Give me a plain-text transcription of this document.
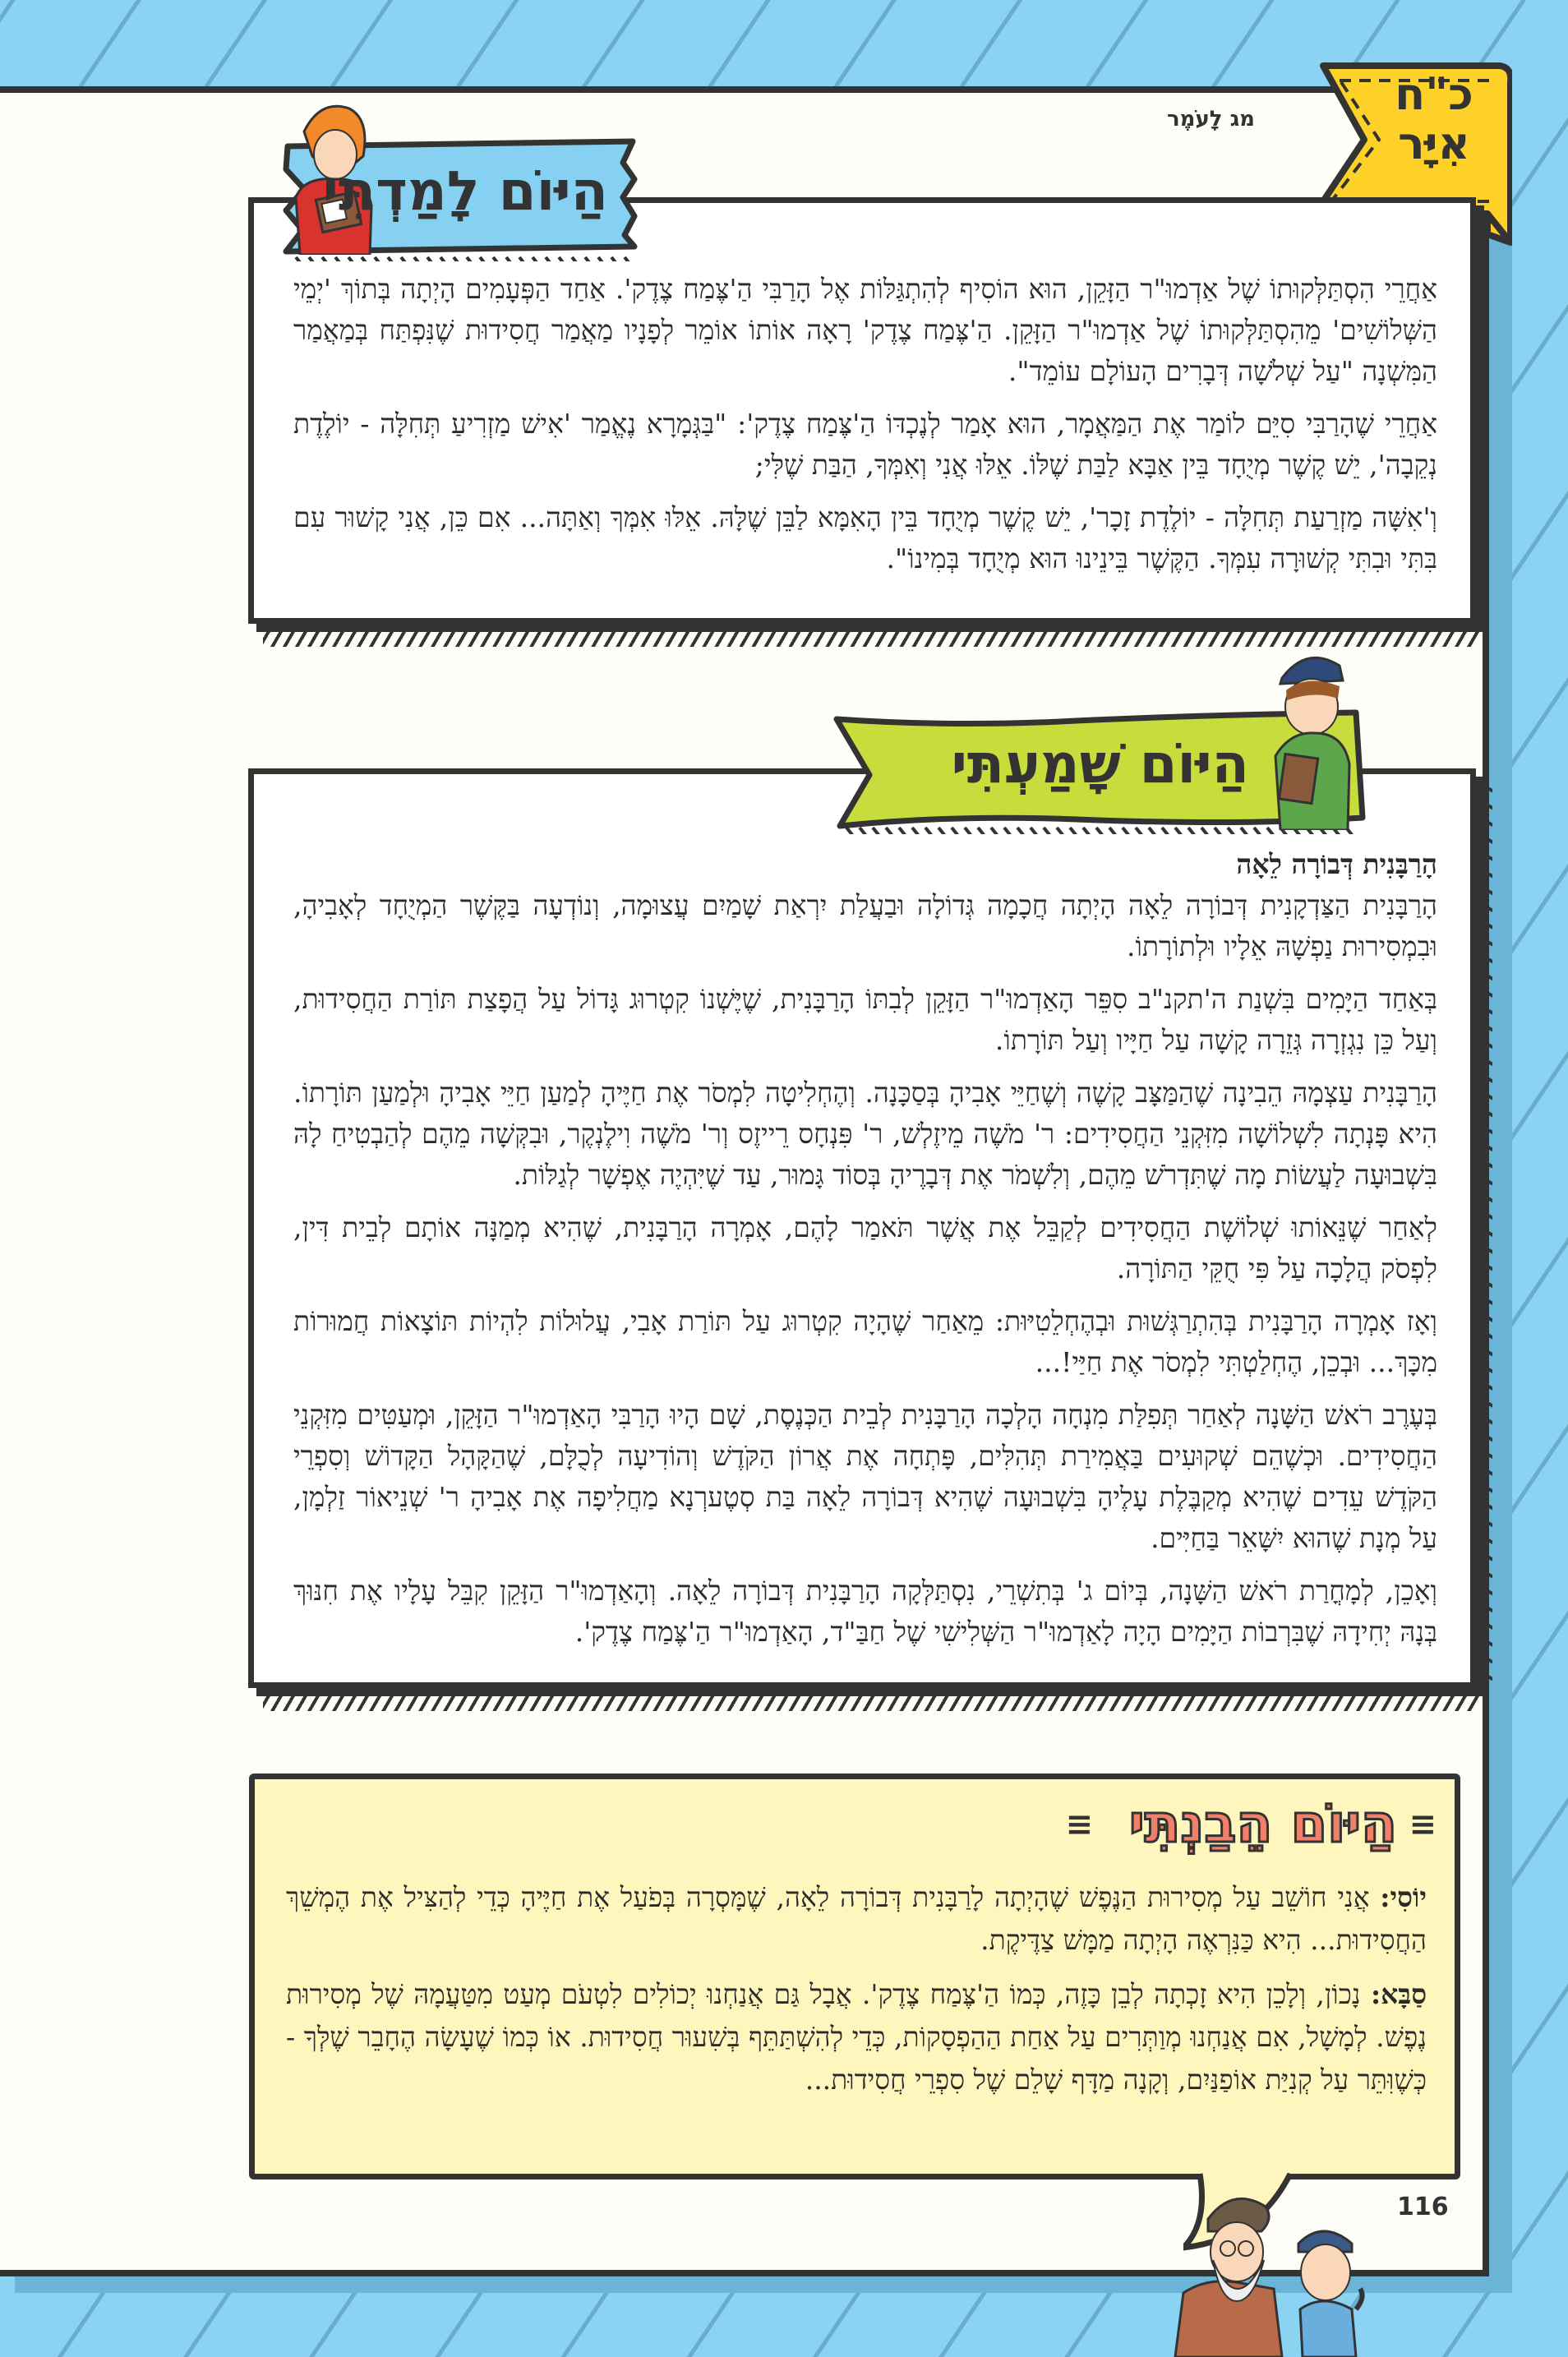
כ"ח
אִיָּר
מג לָעֹמֶר

אַחֲרֵי הִסְתַּלְּקוּתוֹ שֶׁל אַדְמוּ"ר הַזָּקֵן, הוּא הוֹסִיף לְהִתְגַּלּוֹת אֶל הָרַבִּי הַ'צֶּמַח צֶדֶק'. אַחַד הַפְּעָמִים הָיְתָה בְּתוֹךְ 'יְמֵי הַשְּׁלוֹשִׁים' מֵהִסְתַּלְּקוּתוֹ שֶׁל אַדְמוּ"ר הַזָּקֵן. הַ'צֶּמַח צֶדֶק' רָאָה אוֹתוֹ אוֹמֵר לְפָנָיו מַאֲמַר חֲסִידוּת שֶׁנִּפְתַּח בְּמַאֲמַר הַמִּשְׁנָה "עַל שְׁלֹשָׁה דְּבָרִים הָעוֹלָם עוֹמֵד".

אַחֲרֵי שֶׁהָרַבִּי סִיֵּם לוֹמַר אֶת הַמַּאֲמָר, הוּא אָמַר לְנֶכְדּוֹ הַ'צֶּמַח צֶדֶק': "בַּגְּמָרָא נֶאֱמַר 'אִישׁ מַזְרִיעַ תְּחִלָּה - יוֹלֶדֶת נְקֵבָה', יֵשׁ קֶשֶׁר מְיֻחָד בֵּין אַבָּא לַבַּת שֶׁלּוֹ. אֵלּוּ אֲנִי וְאִמְּךָ, הַבַּת שֶׁלִּי;

וְ'אִשָּׁה מַזְרַעַת תְּחִלָּה - יוֹלֶדֶת זָכָר', יֵשׁ קֶשֶׁר מְיֻחָד בֵּין הָאִמָּא לַבֵּן שֶׁלָּהּ. אֵלּוּ אִמְּךָ וְאַתָּה... אִם כֵּן, אֲנִי קָשׁוּר עִם בִּתִּי וּבִתִּי קְשׁוּרָה עִמְּךָ. הַקֶּשֶׁר בֵּינֵינוּ הוּא מְיֻחָד בְּמִינוֹ".

הַיּוֹם לָמַדְתִּי

הָרַבָּנִית דְּבוֹרָה לֵאָה

הָרַבָּנִית הַצַּדְקָנִית דְּבוֹרָה לֵאָה הָיְתָה חֲכָמָה גְּדוֹלָה וּבַעֲלַת יִרְאַת שָׁמַיִם עֲצוּמָה, וְנוֹדְעָה בַּקֶּשֶׁר הַמְיֻחָד לְאָבִיהָ, וּבִמְסִירוּת נַפְשָׁהּ אֵלָיו וּלְתוֹרָתוֹ.

בְּאַחַד הַיָּמִים בִּשְׁנַת ה'תקנ"ב סִפֵּר הָאַדְמוּ"ר הַזָּקֵן לְבִתּוֹ הָרַבָּנִית, שֶׁיֶּשְׁנוֹ קִטְרוּג גָּדוֹל עַל הֲפָצַת תּוֹרַת הַחֲסִידוּת, וְעַל כֵּן נִגְזְרָה גְּזֵרָה קָשָׁה עַל חַיָּיו וְעַל תּוֹרָתוֹ.

הָרַבָּנִית עַצְמָהּ הֵבִינָה שֶׁהַמַּצָּב קָשֶׁה וְשֶׁחַיֵּי אָבִיהָ בְּסַכָּנָה. וְהֶחְלִיטָה לִמְסֹר אֶת חַיֶּיהָ לְמַעַן חַיֵּי אָבִיהָ וּלְמַעַן תּוֹרָתוֹ. הִיא פָּנְתָה לִשְׁלוֹשָׁה מִזִּקְנֵי הַחֲסִידִים: ר' מֹשֶׁה מֵיזֶלְשׁ, ר' פִּנְחָס רֵייזֶס וְר' מֹשֶׁה וִילֶנְקֶר, וּבִקְּשָׁה מֵהֶם לְהַבְטִיחַ לָהּ בִּשְׁבוּעָה לַעֲשׂוֹת מָה שֶׁתִּדְרֹשׁ מֵהֶם, וְלִשְׁמֹר אֶת דְּבָרֶיהָ בְּסוֹד גָּמוּר, עַד שֶׁיִּהְיֶה אֶפְשָׁר לְגַלּוֹת.

לְאַחַר שֶׁנֵּאוֹתוּ שְׁלוֹשֶׁת הַחֲסִידִים לְקַבֵּל אֶת אֲשֶׁר תֹּאמַר לָהֶם, אָמְרָה הָרַבָּנִית, שֶׁהִיא מְמַנָּה אוֹתָם לְבֵית דִּין, לִפְסֹק הֲלָכָה עַל פִּי חֻקֵּי הַתּוֹרָה.

וְאָז אָמְרָה הָרַבָּנִית בְּהִתְרַגְּשׁוּת וּבְהֶחְלֵטִיּוּת: מֵאַחַר שֶׁהָיָה קִטְרוּג עַל תּוֹרַת אָבִי, עֲלוּלוֹת לִהְיוֹת תּוֹצָאוֹת חֲמוּרוֹת מִכָּךְ... וּבְכֵן, הֶחְלַטְתִּי לִמְסֹר אֶת חַיַּי!...

בְּעֶרֶב רֹאשׁ הַשָּׁנָה לְאַחַר תְּפִלַּת מִנְחָה הָלְכָה הָרַבָּנִית לְבֵית הַכְּנֶסֶת, שָׁם הָיוּ הָרַבִּי הָאַדְמוּ"ר הַזָּקֵן, וּמְעַטִּים מִזִּקְנֵי הַחֲסִידִים. וּכְשֶׁהֵם שְׁקוּעִים בַּאֲמִירַת תְּהִלִּים, פָּתְחָה אֶת אֲרוֹן הַקֹּדֶשׁ וְהוֹדִיעָה לְכֻלָּם, שֶׁהַקָּהָל הַקָּדוֹשׁ וְסִפְרֵי הַקֹּדֶשׁ עֵדִים שֶׁהִיא מְקַבֶּלֶת עָלֶיהָ בִּשְׁבוּעָה שֶׁהִיא דְּבוֹרָה לֵאָה בַּת סְטֶערְנָא מַחֲלִיפָה אֶת אָבִיהָ ר' שְׁנֵיאוֹר זַלְמָן, עַל מְנָת שֶׁהוּא יִשָּׁאֵר בַּחַיִּים.

וְאָכֵן, לְמָחֳרַת רֹאשׁ הַשָּׁנָה, בְּיוֹם ג' בְּתִשְׁרֵי, נִסְתַּלְּקָה הָרַבָּנִית דְּבוֹרָה לֵאָה. וְהָאַדְמוּ"ר הַזָּקֵן קִבֵּל עָלָיו אֶת חִנּוּךְ בְּנָהּ יְחִידָהּ שֶׁבִּרְבוֹת הַיָּמִים הָיָה לָאַדְמוּ"ר הַשְּׁלִישִׁי שֶׁל חַבַּ"ד, הָאַדְמוּ"ר הַ'צֶּמַח צֶדֶק'.

הַיּוֹם שָׁמַעְתִּי
הַיּוֹם הֵבַנְתִּי
≡	≡

יוֹסִי: אֲנִי חוֹשֵׁב עַל מְסִירוּת הַנֶּפֶשׁ שֶׁהָיְתָה לָרַבָּנִית דְּבוֹרָה לֵאָה, שֶׁמָּסְרָה בְּפֹעַל אֶת חַיֶּיהָ כְּדֵי לְהַצִּיל אֶת הֶמְשֵׁךְ הַחֲסִידוּת... הִיא כַּנִּרְאֶה הָיְתָה מַמָּשׁ צַדֶּיקֶת.

סַבָּא: נָכוֹן, וְלָכֵן הִיא זָכְתָה לְבֵן כָּזֶה, כְּמוֹ הַ'צֶּמַח צֶדֶק'. אֲבָל גַּם אֲנַחְנוּ יְכוֹלִים לִטְעֹם מְעַט מִטַּעֲמָהּ שֶׁל מְסִירוּת נֶפֶשׁ. לְמָשָׁל, אִם אֲנַחְנוּ מְוַתְּרִים עַל אַחַת הַהַפְסָקוֹת, כְּדֵי לְהִשְׁתַּתֵּף בְּשִׁעוּר חֲסִידוּת. אוֹ כְּמוֹ שֶׁעָשָׂה הֶחָבֵר שֶׁלְּךָ - כְּשֶׁוִּתֵּר עַל קְנִיַּת אוֹפַנַּיִם, וְקָנָה מַדָּף שָׁלֵם שֶׁל סִפְרֵי חֲסִידוּת...

116
